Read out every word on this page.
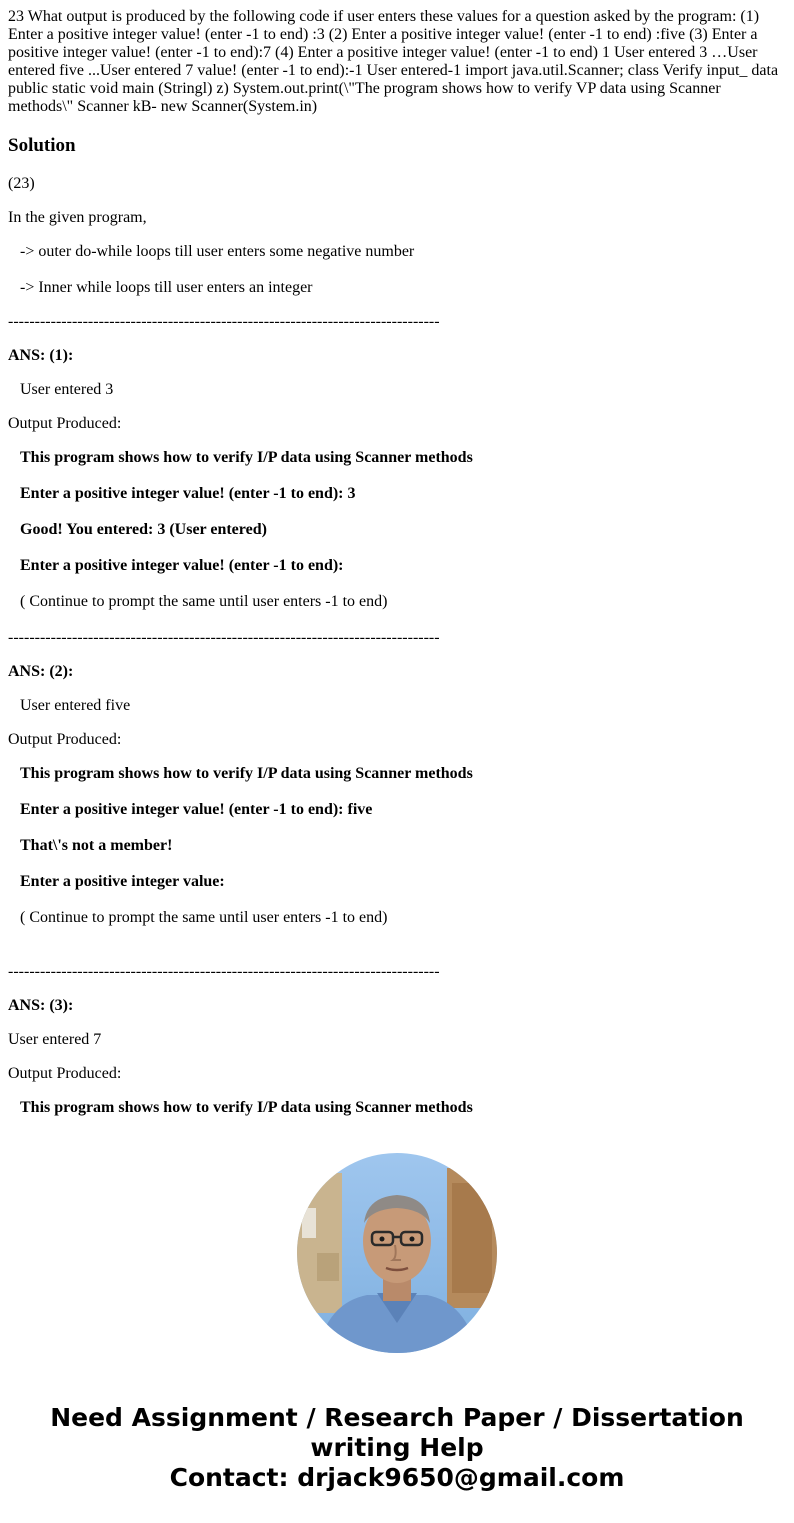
23 What output is produced by the following code if user enters these values for a question asked by the program: (1) Enter a positive integer value! (enter -1 to end) :3 (2) Enter a positive integer value! (enter -1 to end) :five (3) Enter a positive integer value! (enter -1 to end):7 (4) Enter a positive integer value! (enter -1 to end) 1 User entered 3 …User entered five ...User entered 7 value! (enter -1 to end):-1 User entered-1 import java.util.Scanner; class Verify input_ data public static void main (Stringl) z) System.out.print(\"The program shows how to verify VP data using Scanner methods\" Scanner kB- new Scanner(System.in)

Solution

(23)

In the given program,

-> outer do-while loops till user enters some negative number

-> Inner while loops till user enters an integer

---------------------------------------------------------------------------------

ANS: (1):

User entered 3

Output Produced:

This program shows how to verify I/P data using Scanner methods

Enter a positive integer value! (enter -1 to end): 3

Good! You entered: 3 (User entered)

Enter a positive integer value! (enter -1 to end):

( Continue to prompt the same until user enters -1 to end)

---------------------------------------------------------------------------------

ANS: (2):

User entered five

Output Produced:

This program shows how to verify I/P data using Scanner methods

Enter a positive integer value! (enter -1 to end): five

That\'s not a member!

Enter a positive integer value:

( Continue to prompt the same until user enters -1 to end)

---------------------------------------------------------------------------------

ANS: (3):

User entered 7

Output Produced:

This program shows how to verify I/P data using Scanner methods

Need Assignment / Research Paper / Dissertation
writing Help
Contact: drjack9650@gmail.com
